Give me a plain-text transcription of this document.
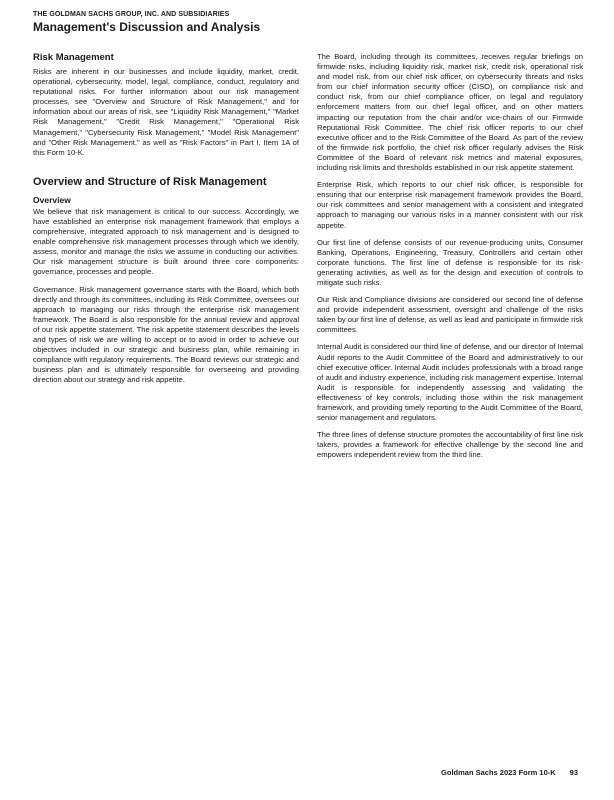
THE GOLDMAN SACHS GROUP, INC. AND SUBSIDIARIES
Management's Discussion and Analysis
Risk Management

Risks are inherent in our businesses and include liquidity, market, credit, operational, cybersecurity, model, legal, compliance, conduct, regulatory and reputational risks. For further information about our risk management processes, see "Overview and Structure of Risk Management," and for information about our areas of risk, see "Liquidity Risk Management," "Market Risk Management," "Credit Risk Management," "Operational Risk Management," "Cybersecurity Risk Management," "Model Risk Management" and "Other Risk Management," as well as "Risk Factors" in Part I, Item 1A of this Form 10-K.

Overview and Structure of Risk Management
Overview

We believe that risk management is critical to our success. Accordingly, we have established an enterprise risk management framework that employs a comprehensive, integrated approach to risk management and is designed to enable comprehensive risk management processes through which we identify, assess, monitor and manage the risks we assume in conducting our activities. Our risk management structure is built around three core components: governance, processes and people.

Governance. Risk management governance starts with the Board, which both directly and through its committees, including its Risk Committee, oversees our approach to managing our risks through the enterprise risk management framework. The Board is also responsible for the annual review and approval of our risk appetite statement. The risk appetite statement describes the levels and types of risk we are willing to accept or to avoid in order to achieve our objectives included in our strategic and business plan, while remaining in compliance with regulatory requirements. The Board reviews our strategic and business plan and is ultimately responsible for overseeing and providing direction about our strategy and risk appetite.

The Board, including through its committees, receives regular briefings on firmwide risks, including liquidity risk, market risk, credit risk, operational risk and model risk, from our chief risk officer, on cybersecurity threats and risks from our chief information security officer (CISO), on compliance risk and conduct risk, from our chief compliance officer, on legal and regulatory enforcement matters from our chief legal officer, and on other matters impacting our reputation from the chair and/or vice-chairs of our Firmwide Reputational Risk Committee. The chief risk officer reports to our chief executive officer and to the Risk Committee of the Board. As part of the review of the firmwide risk portfolio, the chief risk officer regularly advises the Risk Committee of the Board of relevant risk metrics and material exposures, including risk limits and thresholds established in our risk appetite statement.

Enterprise Risk, which reports to our chief risk officer, is responsible for ensuring that our enterprise risk management framework provides the Board, our risk committees and senior management with a consistent and integrated approach to managing our various risks in a manner consistent with our risk appetite.

Our first line of defense consists of our revenue-producing units, Consumer Banking, Operations, Engineering, Treasury, Controllers and certain other corporate functions. The first line of defense is responsible for its risk-generating activities, as well as for the design and execution of controls to mitigate such risks.

Our Risk and Compliance divisions are considered our second line of defense and provide independent assessment, oversight and challenge of the risks taken by our first line of defense, as well as lead and participate in firmwide risk committees.

Internal Audit is considered our third line of defense, and our director of Internal Audit reports to the Audit Committee of the Board and administratively to our chief executive officer. Internal Audit includes professionals with a broad range of audit and industry experience, including risk management expertise. Internal Audit is responsible for independently assessing and validating the effectiveness of key controls, including those within the risk management framework, and providing timely reporting to the Audit Committee of the Board, senior management and regulators.

The three lines of defense structure promotes the accountability of first line risk takers, provides a framework for effective challenge by the second line and empowers independent review from the third line.

Goldman Sachs 2023 Form 10-K 93
